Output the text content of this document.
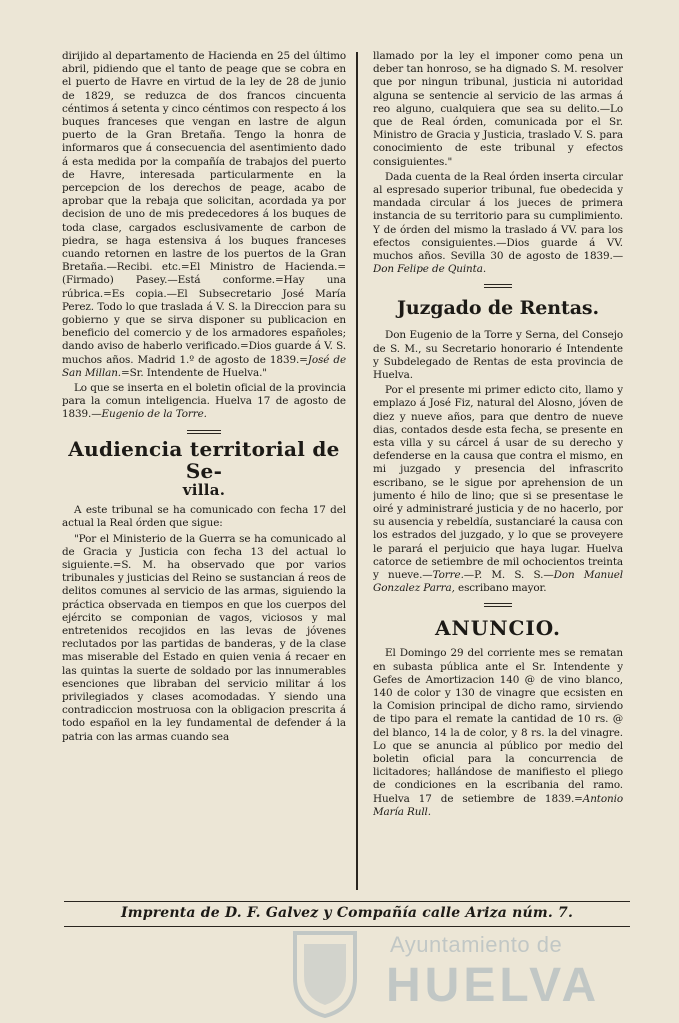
dirijido al departamento de Hacienda en 25 del último abril, pidiendo que el tanto de peage que se cobra en el puerto de Havre en virtud de la ley de 28 de junio de 1829, se reduzca de dos francos cincuenta céntimos á setenta y cinco céntimos con respecto á los buques franceses que vengan en lastre de algun puerto de la Gran Bretaña. Tengo la honra de informaros que á consecuencia del asentimiento dado á esta medida por la compañía de trabajos del puerto de Havre, interesada particularmente en la percepcion de los derechos de peage, acabo de aprobar que la rebaja que solicitan, acordada ya por decision de uno de mis predecedores á los buques de toda clase, cargados esclusivamente de carbon de piedra, se haga estensiva á los buques franceses cuando retornen en lastre de los puertos de la Gran Bretaña.—Recibi. etc.=El Ministro de Hacienda.=(Firmado) Pasey.—Está conforme.=Hay una rúbrica.=Es copia.—El Subsecretario José María Perez. Todo lo que traslada á V. S. la Direccion para su gobierno y que se sirva disponer su publicacion en beneficio del comercio y de los armadores españoles; dando aviso de haberlo verificado.=Dios guarde á V. S. muchos años. Madrid 1.º de agosto de 1839.=José de San Millan.=Sr. Intendente de Huelva."

Lo que se inserta en el boletin oficial de la provincia para la comun inteligencia. Huelva 17 de agosto de 1839.—Eugenio de la Torre.

Audiencia territorial de Se-
villa.

A este tribunal se ha comunicado con fecha 17 del actual la Real órden que sigue:

"Por el Ministerio de la Guerra se ha comunicado al de Gracia y Justicia con fecha 13 del actual lo siguiente.=S. M. ha observado que por varios tribunales y justicias del Reino se sustancian á reos de delitos comunes al servicio de las armas, siguiendo la práctica observada en tiempos en que los cuerpos del ejército se componian de vagos, viciosos y mal entretenidos recojidos en las levas de jóvenes reclutados por las partidas de banderas, y de la clase mas miserable del Estado en quien venia á recaer en las quintas la suerte de soldado por las innumerables esenciones que libraban del servicio militar á los privilegiados y clases acomodadas. Y siendo una contradiccion mostruosa con la obligacion prescrita á todo español en la ley fundamental de defender á la patria con las armas cuando sea

llamado por la ley el imponer como pena un deber tan honroso, se ha dignado S. M. resolver que por ningun tribunal, justicia ni autoridad alguna se sentencie al servicio de las armas á reo alguno, cualquiera que sea su delito.—Lo que de Real órden, comunicada por el Sr. Ministro de Gracia y Justicia, traslado V. S. para conocimiento de este tribunal y efectos consiguientes."

Dada cuenta de la Real órden inserta circular al espresado superior tribunal, fue obedecida y mandada circular á los jueces de primera instancia de su territorio para su cumplimiento. Y de órden del mismo la traslado á VV. para los efectos consiguientes.—Dios guarde á VV. muchos años. Sevilla 30 de agosto de 1839.—Don Felipe de Quinta.

Juzgado de Rentas.

Don Eugenio de la Torre y Serna, del Consejo de S. M., su Secretario honorario é Intendente y Subdelegado de Rentas de esta provincia de Huelva.

Por el presente mi primer edicto cito, llamo y emplazo á José Fiz, natural del Alosno, jóven de diez y nueve años, para que dentro de nueve dias, contados desde esta fecha, se presente en esta villa y su cárcel á usar de su derecho y defenderse en la causa que contra el mismo, en mi juzgado y presencia del infrascrito escribano, se le sigue por aprehension de un jumento é hilo de lino; que si se presentase le oiré y administraré justicia y de no hacerlo, por su ausencia y rebeldía, sustanciaré la causa con los estrados del juzgado, y lo que se proveyere le parará el perjuicio que haya lugar. Huelva catorce de setiembre de mil ochocientos treinta y nueve.—Torre.—P. M. S. S.—Don Manuel Gonzalez Parra, escribano mayor.

ANUNCIO.

El Domingo 29 del corriente mes se rematan en subasta pública ante el Sr. Intendente y Gefes de Amortizacion 140 @ de vino blanco, 140 de color y 130 de vinagre que ecsisten en la Comision principal de dicho ramo, sirviendo de tipo para el remate la cantidad de 10 rs. @ del blanco, 14 la de color, y 8 rs. la del vinagre. Lo que se anuncia al público por medio del boletin oficial para la concurrencia de licitadores; hallándose de manifiesto el pliego de condiciones en la escribania del ramo. Huelva 17 de setiembre de 1839.=Antonio María Rull.

Imprenta de D. F. Galvez y Compañía calle Ariza núm. 7.
Ayuntamiento de
HUELVA
